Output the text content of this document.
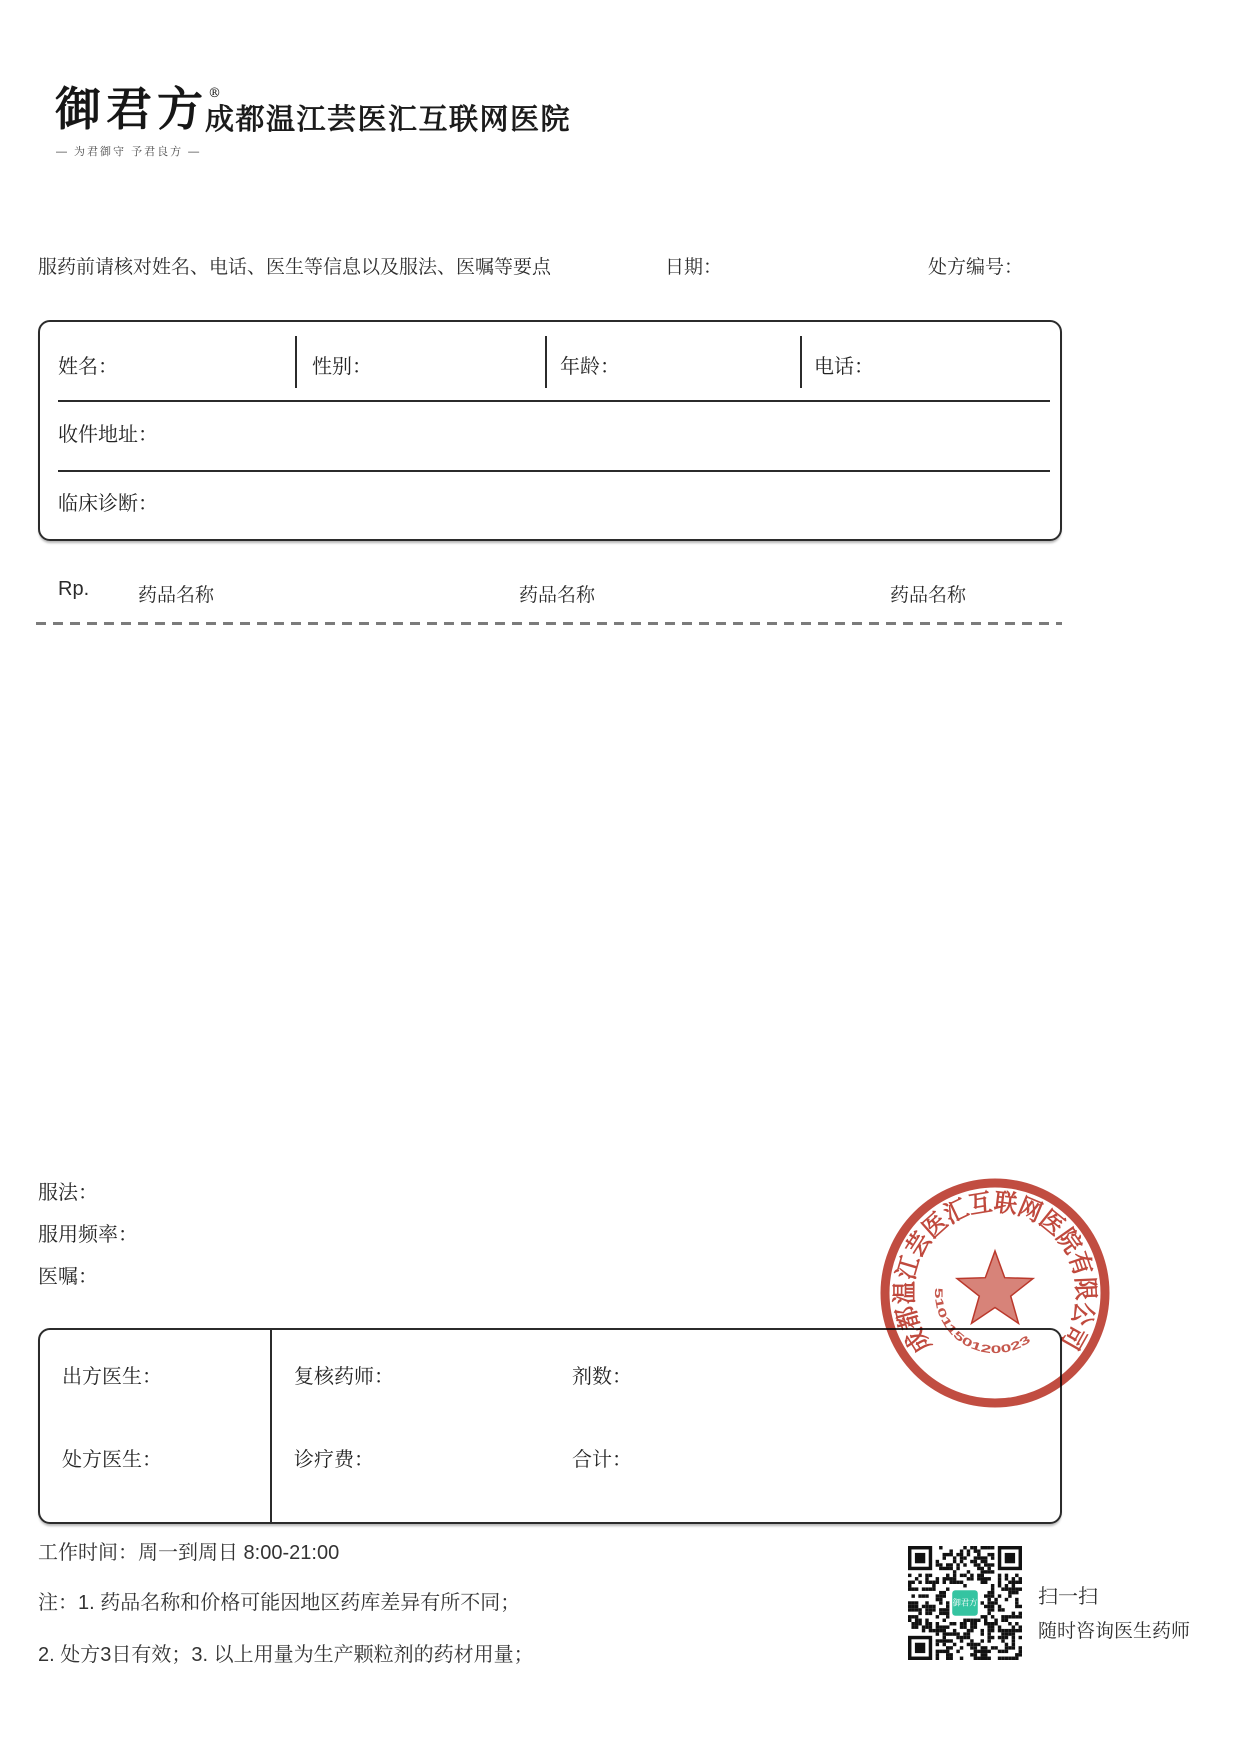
御君方®
— 为君御守 予君良方 —
成都温江芸医汇互联网医院
服药前请核对姓名、电话、医生等信息以及服法、医嘱等要点	日期：	处方编号：
姓名：	性别：	年龄：	电话：
收件地址：
临床诊断：
Rp.	药品名称	药品名称	药品名称
服法：
服用频率：
医嘱：
出方医生：	复核药师：	剂数：
处方医生：	诊疗费：	合计：
成都温江芸医汇互联网医院有限公司
5101150120023
工作时间：周一到周日 8:00-21:00
注：1. 药品名称和价格可能因地区药库差异有所不同；
2. 处方3日有效；3. 以上用量为生产颗粒剂的药材用量；
御君方	扫一扫
随时咨询医生药师
